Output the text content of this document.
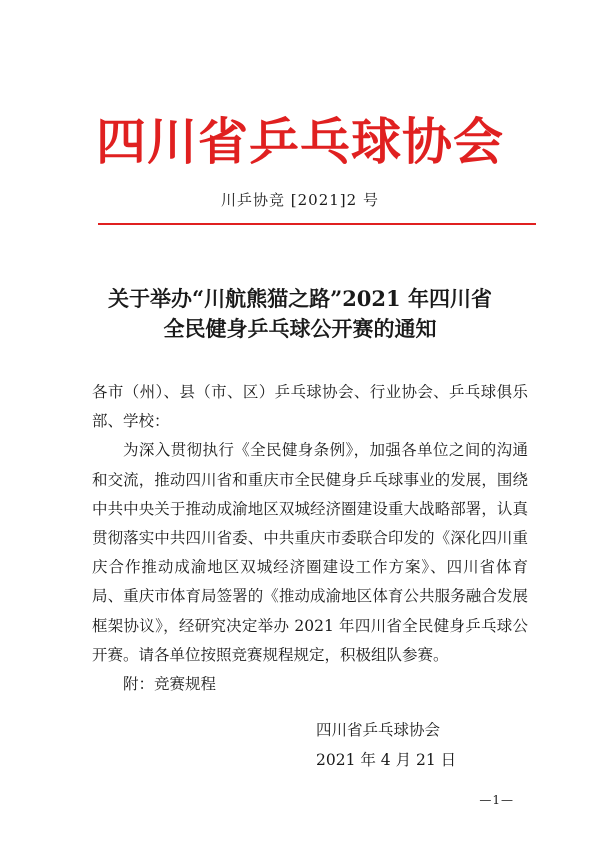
四川省乒乓球协会
川乒协竞 [2021]2 号
关于举办“川航熊猫之路”2021 年四川省
全民健身乒乓球公开赛的通知

各市（州）、县（市、区）乒乓球协会、行业协会、乒乓球俱乐部、学校：

为深入贯彻执行《全民健身条例》，加强各单位之间的沟通和交流，推动四川省和重庆市全民健身乒乓球事业的发展，围绕中共中央关于推动成渝地区双城经济圈建设重大战略部署，认真贯彻落实中共四川省委、中共重庆市委联合印发的《深化四川重庆合作推动成渝地区双城经济圈建设工作方案》、四川省体育局、重庆市体育局签署的《推动成渝地区体育公共服务融合发展框架协议》，经研究决定举办 2021 年四川省全民健身乒乓球公开赛。请各单位按照竞赛规程规定，积极组队参赛。

附：竞赛规程

四川省乒乓球协会
2021 年 4 月 21 日
—1—
